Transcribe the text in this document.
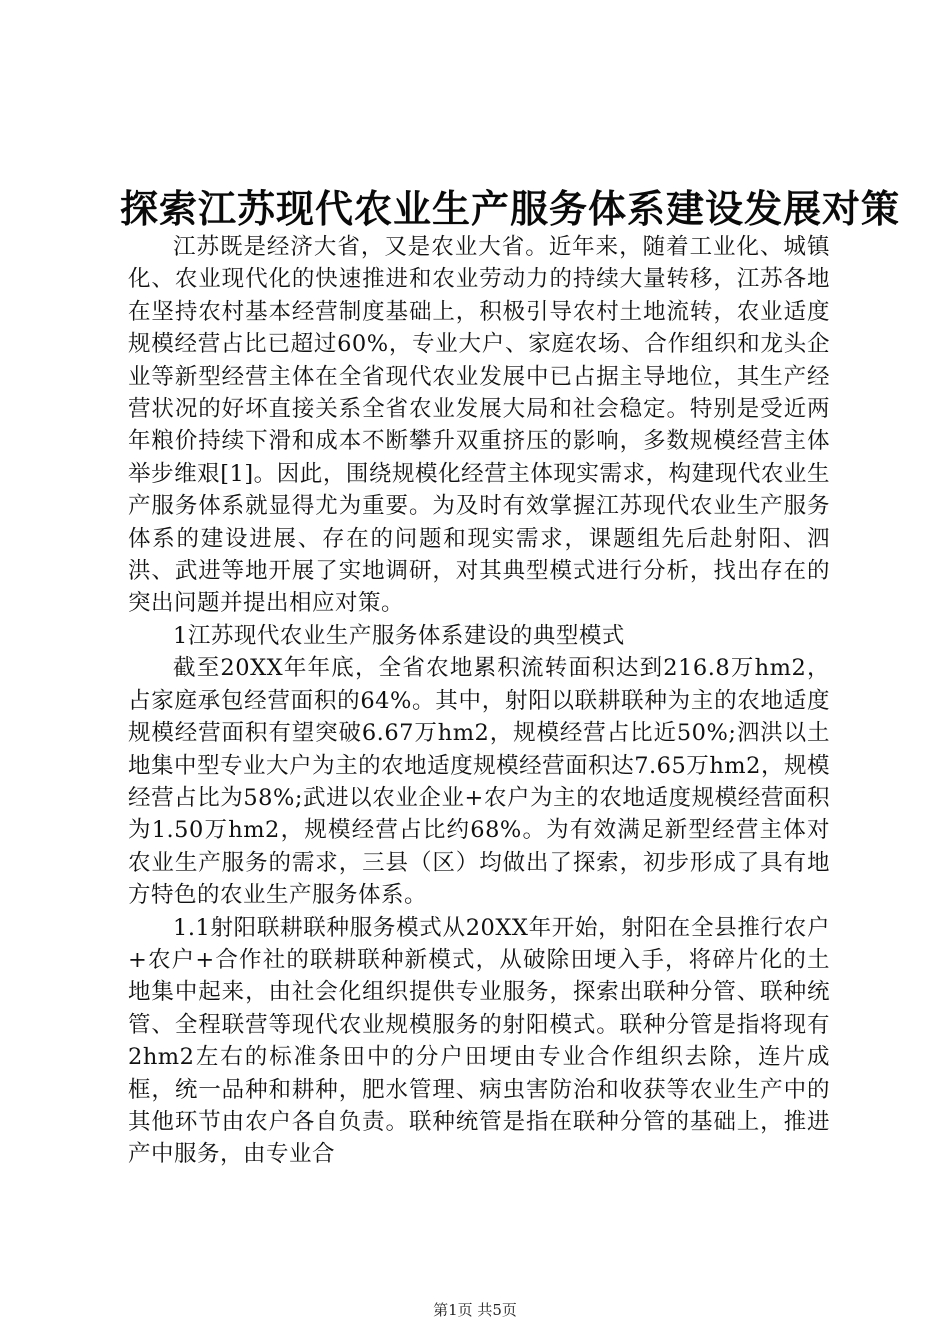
探索江苏现代农业生产服务体系建设发展对策

江苏既是经济大省，又是农业大省。近年来，随着工业化、城镇化、农业现代化的快速推进和农业劳动力的持续大量转移，江苏各地在坚持农村基本经营制度基础上，积极引导农村土地流转，农业适度规模经营占比已超过60%，专业大户、家庭农场、合作组织和龙头企业等新型经营主体在全省现代农业发展中已占据主导地位，其生产经营状况的好坏直接关系全省农业发展大局和社会稳定。特别是受近两年粮价持续下滑和成本不断攀升双重挤压的影响，多数规模经营主体举步维艰[1]。因此，围绕规模化经营主体现实需求，构建现代农业生产服务体系就显得尤为重要。为及时有效掌握江苏现代农业生产服务体系的建设进展、存在的问题和现实需求，课题组先后赴射阳、泗洪、武进等地开展了实地调研，对其典型模式进行分析，找出存在的突出问题并提出相应对策。

1江苏现代农业生产服务体系建设的典型模式

截至20XX年年底，全省农地累积流转面积达到216.8万hm2，占家庭承包经营面积的64%。其中，射阳以联耕联种为主的农地适度规模经营面积有望突破6.67万hm2，规模经营占比近50%;泗洪以土地集中型专业大户为主的农地适度规模经营面积达7.65万hm2，规模经营占比为58%;武进以农业企业+农户为主的农地适度规模经营面积为1.50万hm2，规模经营占比约68%。为有效满足新型经营主体对农业生产服务的需求，三县（区）均做出了探索，初步形成了具有地方特色的农业生产服务体系。

1.1射阳联耕联种服务模式从20XX年开始，射阳在全县推行农户+农户+合作社的联耕联种新模式，从破除田埂入手，将碎片化的土地集中起来，由社会化组织提供专业服务，探索出联种分管、联种统管、全程联营等现代农业规模服务的射阳模式。联种分管是指将现有2hm2左右的标准条田中的分户田埂由专业合作组织去除，连片成框，统一品种和耕种，肥水管理、病虫害防治和收获等农业生产中的其他环节由农户各自负责。联种统管是指在联种分管的基础上，推进产中服务，由专业合

第1页 共5页
